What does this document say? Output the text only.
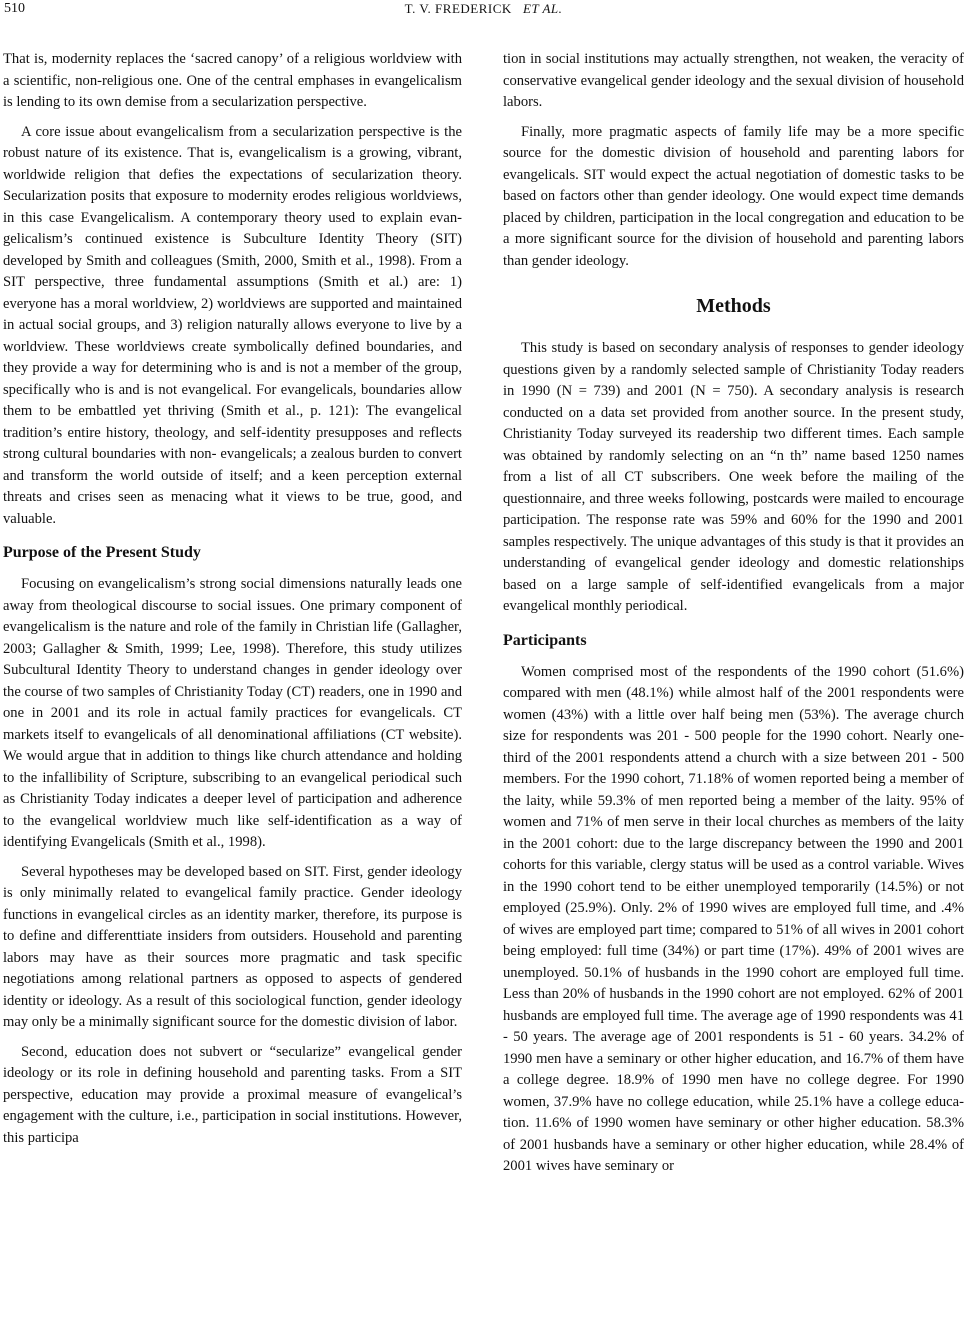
510	T. V. FREDERICK ET AL.

That is, modernity replaces the ‘sacred canopy’ of a religious worldview with a scientific, non-religious one. One of the central emphases in evangelicalism is lending to its own demise from a secularization perspective.

A core issue about evangelicalism from a secularization perspective is the robust nature of its existence. That is, evangelicalism is a growing, vibrant, worldwide religion that defies the expectations of secularization theory. Secularization posits that exposure to modernity erodes religious worldviews, in this case Evangelicalism. A contemporary theory used to explain evangelicalism’s continued existence is Subculture Identity Theory (SIT) developed by Smith and colleagues (Smith, 2000, Smith et al., 1998). From a SIT perspective, three fundamental assumptions (Smith et al.) are: 1) everyone has a moral worldview, 2) worldviews are supported and maintained in actual social groups, and 3) religion naturally allows everyone to live by a worldview. These worldviews create symbolically defined boundaries, and they provide a way for determining who is and is not a member of the group, specifically who is and is not evangelical. For evangelicals, boundaries allow them to be embattled yet thriving (Smith et al., p. 121): The evangelical tradition’s entire history, theology, and self-identity presupposes and reflects strong cultural boundaries with non- evangelicals; a zealous burden to convert and transform the world outside of itself; and a keen perception external threats and crises seen as menacing what it views to be true, good, and valuable.

Purpose of the Present Study

Focusing on evangelicalism’s strong social dimensions naturally leads one away from theological discourse to social issues. One primary component of evangelicalism is the nature and role of the family in Christian life (Gallagher, 2003; Gallagher & Smith, 1999; Lee, 1998). Therefore, this study utilizes Subcultural Identity Theory to understand changes in gender ideology over the course of two samples of Christianity Today (CT) readers, one in 1990 and one in 2001 and its role in actual family practices for evangelicals. CT markets itself to evangelicals of all denominational affiliations (CT website). We would argue that in addition to things like church attendance and holding to the infallibility of Scripture, subscribing to an evangelical periodical such as Christianity Today indicates a deeper level of participation and adherence to the evangelical worldview much like self-identification as a way of identifying Evangelicals (Smith et al., 1998).

Several hypotheses may be developed based on SIT. First, gender ideology is only minimally related to evangelical family practice. Gender ideology functions in evangelical circles as an identity marker, therefore, its purpose is to define and differenttiate insiders from outsiders. Household and parenting labors may have as their sources more pragmatic and task specific negotiations among relational partners as opposed to aspects of gendered identity or ideology. As a result of this sociological function, gender ideology may only be a minimally significant source for the domestic division of labor.

Second, education does not subvert or “secularize” evangelical gender ideology or its role in defining household and parenting tasks. From a SIT perspective, education may provide a proximal measure of evangelical’s engagement with the culture, i.e., participation in social institutions. However, this participa

tion in social institutions may actually strengthen, not weaken, the veracity of conservative evangelical gender ideology and the sexual division of household labors.

Finally, more pragmatic aspects of family life may be a more specific source for the domestic division of household and parenting labors for evangelicals. SIT would expect the actual negotiation of domestic tasks to be based on factors other than gender ideology. One would expect time demands placed by children, participation in the local congregation and education to be a more significant source for the division of household and parenting labors than gender ideology.

Methods

This study is based on secondary analysis of responses to gender ideology questions given by a randomly selected sample of Christianity Today readers in 1990 (N = 739) and 2001 (N = 750). A secondary analysis is research conducted on a data set provided from another source. In the present study, Christianity Today surveyed its readership two different times. Each sample was obtained by randomly selecting on an “n th” name based 1250 names from a list of all CT subscribers. One week before the mailing of the questionnaire, and three weeks following, postcards were mailed to encourage participation. The response rate was 59% and 60% for the 1990 and 2001 samples respectively. The unique advantages of this study is that it provides an understanding of evangelical gender ideology and domestic relationships based on a large sample of self-identified evangelicals from a major evangelical monthly periodical.

Participants

Women comprised most of the respondents of the 1990 cohort (51.6%) compared with men (48.1%) while almost half of the 2001 respondents were women (43%) with a little over half being men (53%). The average church size for respondents was 201 - 500 people for the 1990 cohort. Nearly one-third of the 2001 respondents attend a church with a size between 201 - 500 members. For the 1990 cohort, 71.18% of women reported being a member of the laity, while 59.3% of men reported being a member of the laity. 95% of women and 71% of men serve in their local churches as members of the laity in the 2001 cohort: due to the large discrepancy between the 1990 and 2001 cohorts for this variable, clergy status will be used as a control variable. Wives in the 1990 cohort tend to be either unemployed temporarily (14.5%) or not employed (25.9%). Only. 2% of 1990 wives are employed full time, and .4% of wives are employed part time; compared to 51% of all wives in 2001 cohort being employed: full time (34%) or part time (17%). 49% of 2001 wives are unemployed. 50.1% of husbands in the 1990 cohort are employed full time. Less than 20% of husbands in the 1990 cohort are not employed. 62% of 2001 husbands are employed full time. The average age of 1990 respondents was 41 - 50 years. The average age of 2001 respondents is 51 - 60 years. 34.2% of 1990 men have a seminary or other higher education, and 16.7% of them have a college degree. 18.9% of 1990 men have no college degree. For 1990 women, 37.9% have no college education, while 25.1% have a college education. 11.6% of 1990 women have seminary or other higher education. 58.3% of 2001 husbands have a seminary or other higher education, while 28.4% of 2001 wives have seminary or
